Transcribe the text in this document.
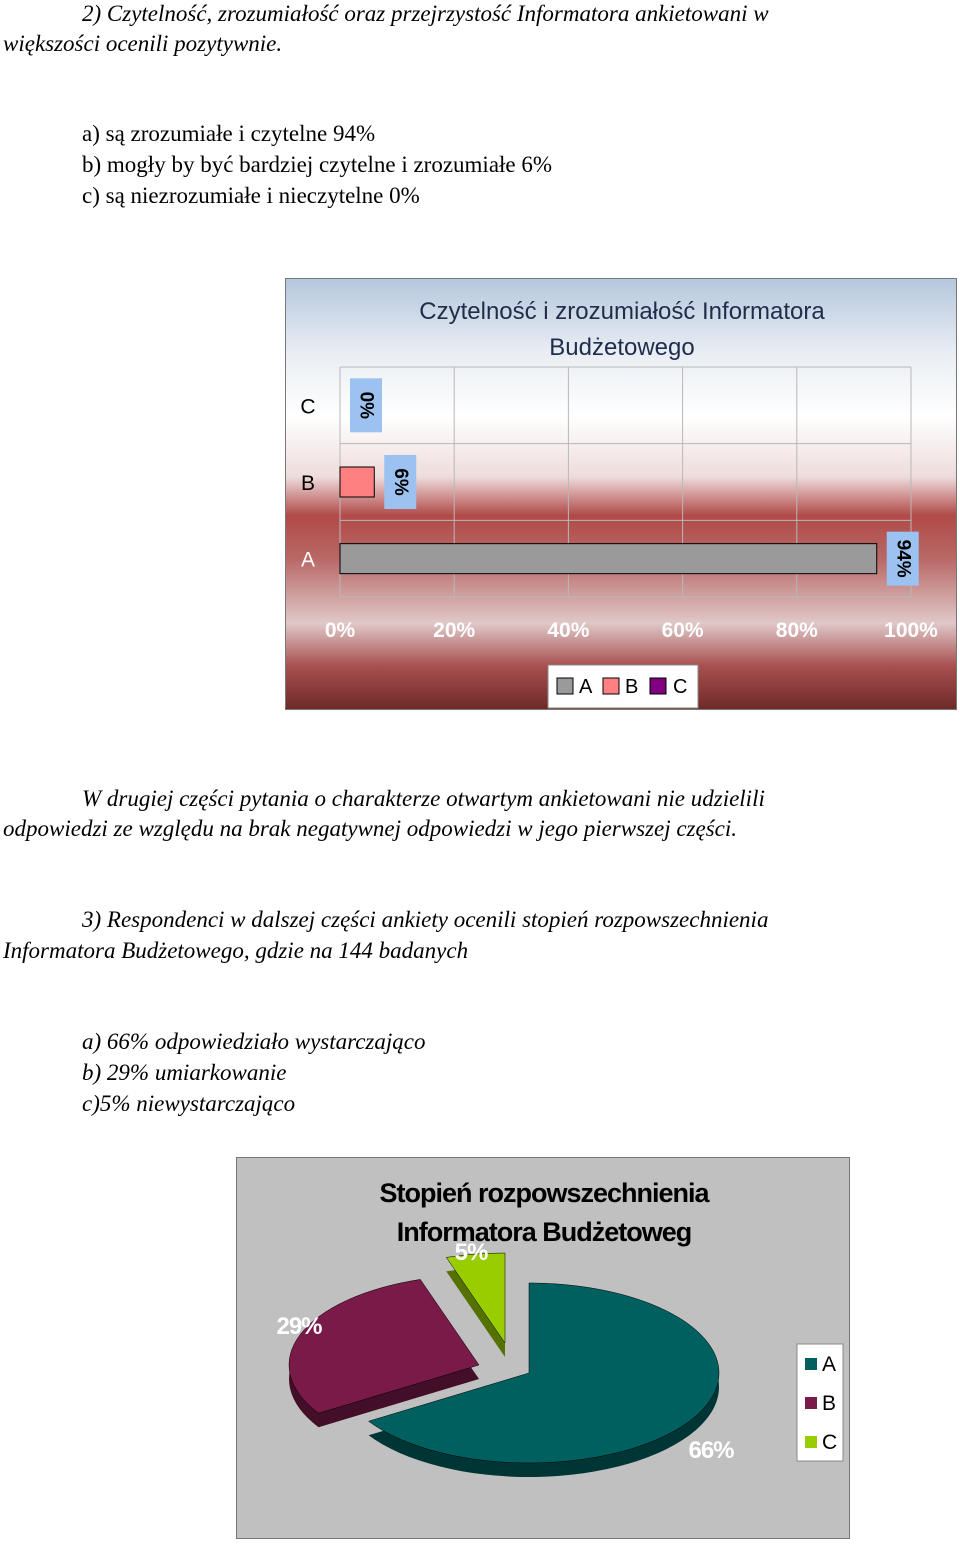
2) Czytelność, zrozumiałość oraz przejrzystość Informatora ankietowani w
większości ocenili pozytywnie.
a) są zrozumiałe i czytelne 94%
b) mogły by być bardziej czytelne i zrozumiałe 6%
c) są niezrozumiałe i nieczytelne 0%
Czytelność i zrozumiałość Informatora
Budżetowego
A	94%
B	6%
C 0%
0%	20%	40%	60%	80%	100%
A B C
W drugiej części pytania o charakterze otwartym ankietowani nie udzielili
odpowiedzi ze względu na brak negatywnej odpowiedzi w jego pierwszej części.
3) Respondenci w dalszej części ankiety ocenili stopień rozpowszechnienia
Informatora Budżetowego, gdzie na 144 badanych
a) 66% odpowiedziało wystarczająco
b) 29% umiarkowanie
c)5% niewystarczająco
Stopień rozpowszechnienia
Informatora Budżetoweg
66%
29%
5%
A
B
C
